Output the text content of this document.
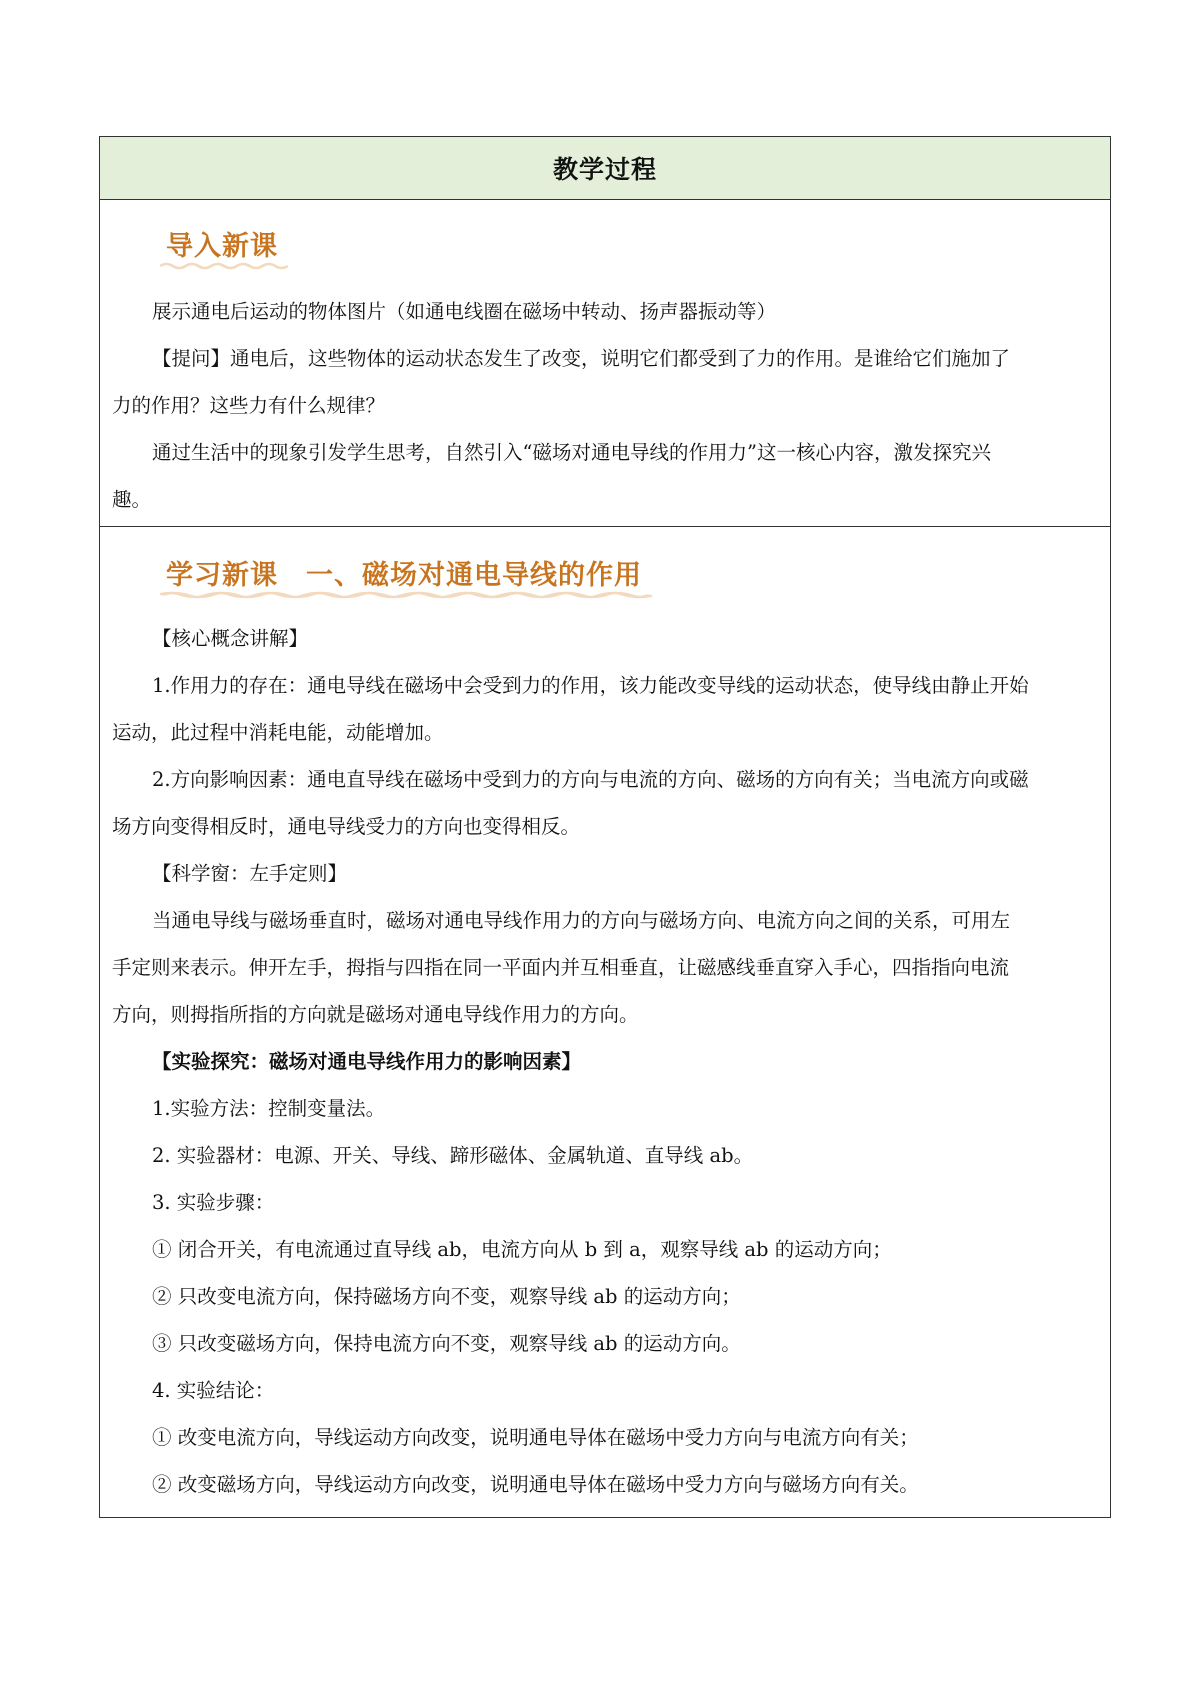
教学过程
导入新课
展示通电后运动的物体图片（如通电线圈在磁场中转动、扬声器振动等）
【提问】通电后，这些物体的运动状态发生了改变，说明它们都受到了力的作用。是谁给它们施加了
力的作用？这些力有什么规律？
通过生活中的现象引发学生思考，自然引入“磁场对通电导线的作用力”这一核心内容，激发探究兴
趣。
学习新课　一、磁场对通电导线的作用
【核心概念讲解】
1.作用力的存在：通电导线在磁场中会受到力的作用，该力能改变导线的运动状态，使导线由静止开始
运动，此过程中消耗电能，动能增加。
2.方向影响因素：通电直导线在磁场中受到力的方向与电流的方向、磁场的方向有关；当电流方向或磁
场方向变得相反时，通电导线受力的方向也变得相反。
【科学窗：左手定则】
当通电导线与磁场垂直时，磁场对通电导线作用力的方向与磁场方向、电流方向之间的关系，可用左
手定则来表示。伸开左手，拇指与四指在同一平面内并互相垂直，让磁感线垂直穿入手心，四指指向电流
方向，则拇指所指的方向就是磁场对通电导线作用力的方向。
【实验探究：磁场对通电导线作用力的影响因素】
1.实验方法：控制变量法。
2. 实验器材：电源、开关、导线、蹄形磁体、金属轨道、直导线 ab。
3. 实验步骤：
① 闭合开关，有电流通过直导线 ab，电流方向从 b 到 a，观察导线 ab 的运动方向；
② 只改变电流方向，保持磁场方向不变，观察导线 ab 的运动方向；
③ 只改变磁场方向，保持电流方向不变，观察导线 ab 的运动方向。
4. 实验结论：
① 改变电流方向，导线运动方向改变，说明通电导体在磁场中受力方向与电流方向有关；
② 改变磁场方向，导线运动方向改变，说明通电导体在磁场中受力方向与磁场方向有关。
